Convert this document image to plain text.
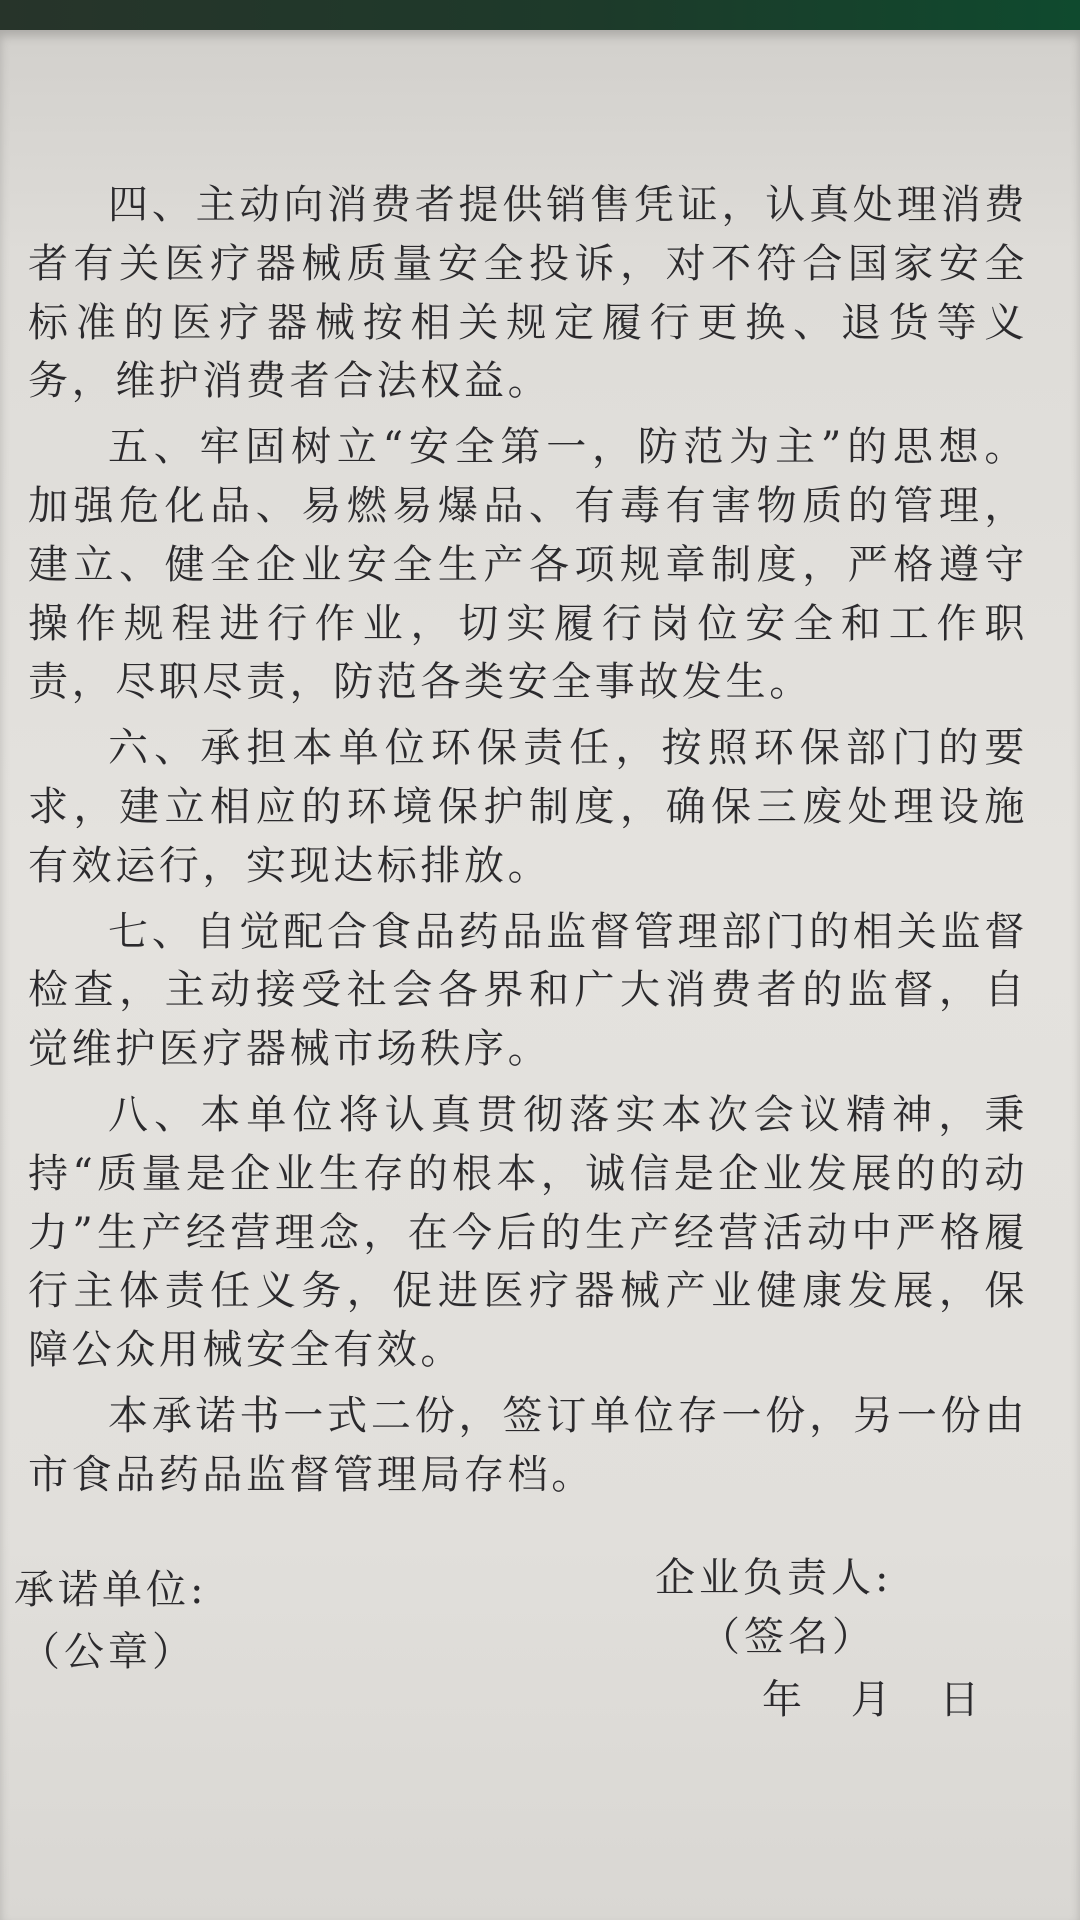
四、主动向消费者提供销售凭证，认真处理消费者有关医疗器械质量安全投诉，对不符合国家安全标准的医疗器械按相关规定履行更换、退货等义务，维护消费者合法权益。

五、牢固树立“安全第一，防范为主”的思想。加强危化品、易燃易爆品、有毒有害物质的管理，建立、健全企业安全生产各项规章制度，严格遵守操作规程进行作业，切实履行岗位安全和工作职责，尽职尽责，防范各类安全事故发生。

六、承担本单位环保责任，按照环保部门的要求，建立相应的环境保护制度，确保三废处理设施有效运行，实现达标排放。

七、自觉配合食品药品监督管理部门的相关监督检查，主动接受社会各界和广大消费者的监督，自觉维护医疗器械市场秩序。

八、本单位将认真贯彻落实本次会议精神，秉持“质量是企业生存的根本，诚信是企业发展的的动力”生产经营理念，在今后的生产经营活动中严格履行主体责任义务，促进医疗器械产业健康发展，保障公众用械安全有效。

本承诺书一式二份，签订单位存一份，另一份由市食品药品监督管理局存档。

承诺单位:
（公章）
企业负责人:
（签名）
年 月 日
